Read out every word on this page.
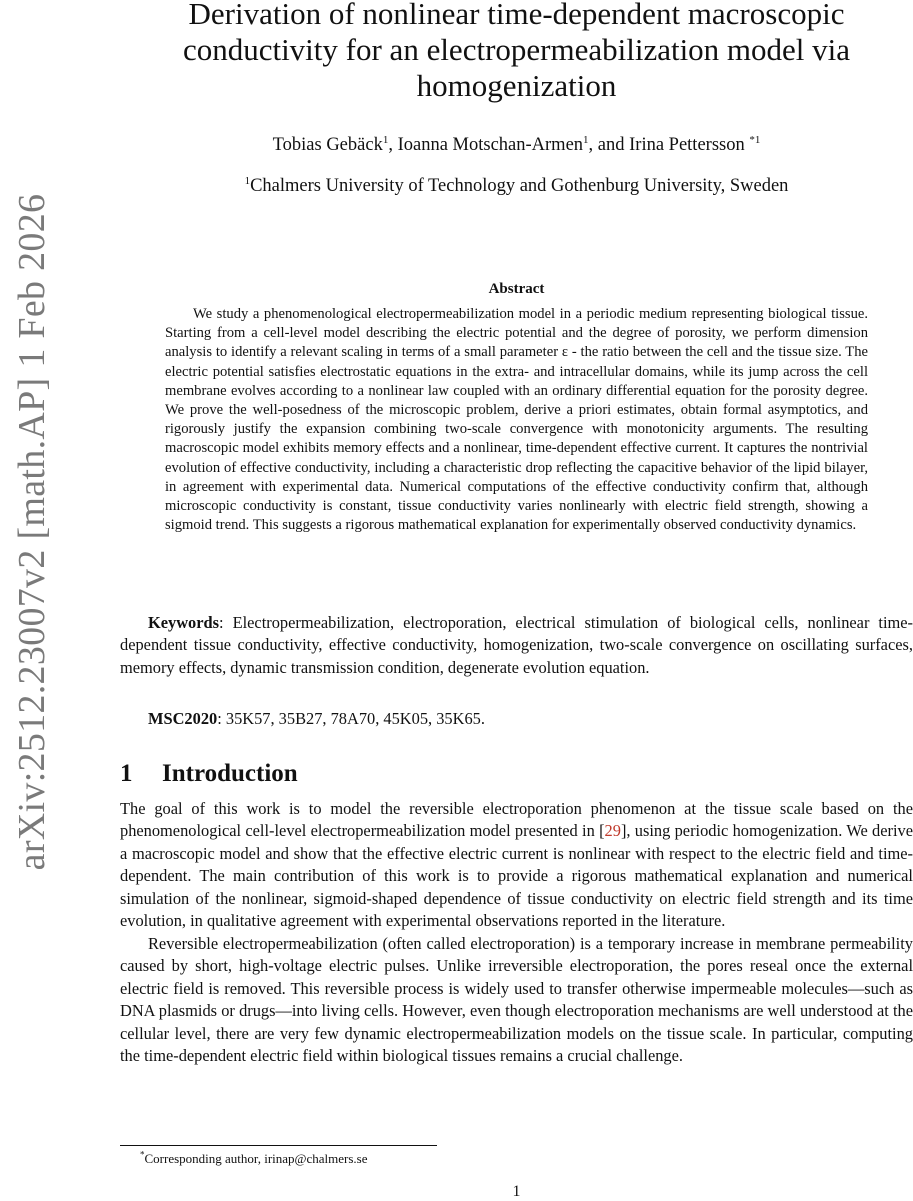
arXiv:2512.23007v2 [math.AP] 1 Feb 2026
Derivation of nonlinear time-dependent macroscopic
conductivity for an electropermeabilization model via
homogenization
Tobias Gebäck$^1$, Ioanna Motschan-Armen$^1$, and Irina Pettersson $^{*1}$
$^1$Chalmers University of Technology and Gothenburg University, Sweden
Abstract

We study a phenomenological electropermeabilization model in a periodic medium representing biological tissue. Starting from a cell-level model describing the electric potential and the degree of porosity, we perform dimension analysis to identify a relevant scaling in terms of a small parameter ε - the ratio between the cell and the tissue size. The electric potential satisfies electrostatic equations in the extra- and intracellular domains, while its jump across the cell membrane evolves according to a nonlinear law coupled with an ordinary differential equation for the porosity degree. We prove the well-posedness of the microscopic problem, derive a priori estimates, obtain formal asymptotics, and rigorously justify the expansion combining two-scale convergence with monotonicity arguments. The resulting macroscopic model exhibits memory effects and a nonlinear, time-dependent effective current. It captures the nontrivial evolution of effective conductivity, including a characteristic drop reflecting the capacitive behavior of the lipid bilayer, in agreement with experimental data. Numerical computations of the effective conductivity confirm that, although microscopic conductivity is constant, tissue conductivity varies nonlinearly with electric field strength, showing a sigmoid trend. This suggests a rigorous mathematical explanation for experimentally observed conductivity dynamics.

Keywords: Electropermeabilization, electroporation, electrical stimulation of biological cells, nonlinear time-dependent tissue conductivity, effective conductivity, homogenization, two-scale convergence on oscillating surfaces, memory effects, dynamic transmission condition, degenerate evolution equation.

MSC2020: 35K57, 35B27, 78A70, 45K05, 35K65.

1 Introduction

The goal of this work is to model the reversible electroporation phenomenon at the tissue scale based on the phenomenological cell-level electropermeabilization model presented in [29], using periodic homogenization. We derive a macroscopic model and show that the effective electric current is nonlinear with respect to the electric field and time-dependent. The main contribution of this work is to provide a rigorous mathematical explanation and numerical simulation of the nonlinear, sigmoid-shaped dependence of tissue conductivity on electric field strength and its time evolution, in qualitative agreement with experimental observations reported in the literature.

Reversible electropermeabilization (often called electroporation) is a temporary increase in membrane permeability caused by short, high-voltage electric pulses. Unlike irreversible electroporation, the pores reseal once the external electric field is removed. This reversible process is widely used to transfer otherwise impermeable molecules—such as DNA plasmids or drugs—into living cells. However, even though electroporation mechanisms are well understood at the cellular level, there are very few dynamic electropermeabilization models on the tissue scale. In particular, computing the time-dependent electric field within biological tissues remains a crucial challenge.

*Corresponding author, irinap@chalmers.se

1
